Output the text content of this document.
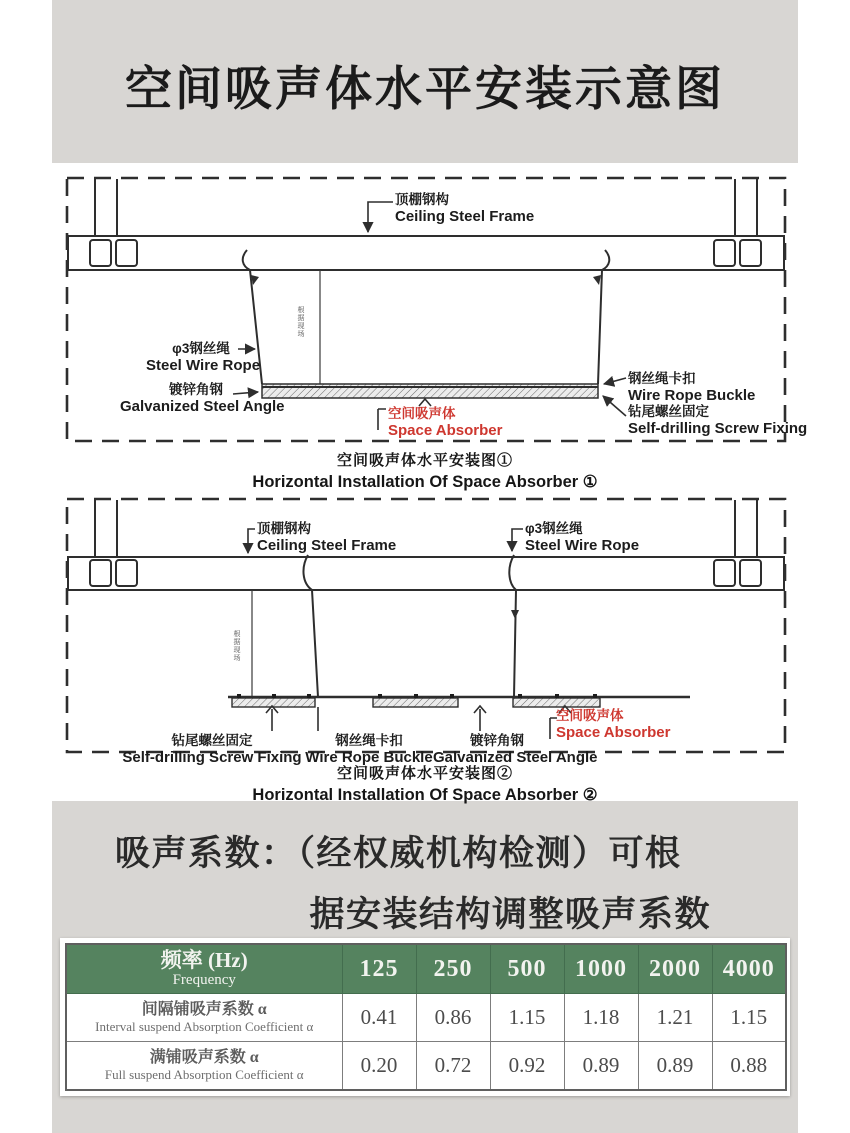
空间吸声体水平安装示意图
顶棚钢构
Ceiling Steel Frame
φ3钢丝绳
Steel Wire Rope
镀锌角钢
Galvanized Steel Angle
钢丝绳卡扣
Wire Rope Buckle
钻尾螺丝固定
Self-drilling Screw Fixing
空间吸声体
Space Absorber
根据现场
空间吸声体水平安装图①
Horizontal Installation Of Space Absorber ①
顶棚钢构
Ceiling Steel Frame
φ3钢丝绳
Steel Wire Rope
钻尾螺丝固定
Self-drilling Screw Fixing
钢丝绳卡扣
Wire Rope Buckle
镀锌角钢
Galvanized Steel Angle
空间吸声体
Space Absorber
根据现场
空间吸声体水平安装图②
Horizontal Installation Of Space Absorber ②
吸声系数：（经权威机构检测）可根
据安装结构调整吸声系数
频率 (Hz)
Frequency	125	250	500	1000	2000	4000

间隔铺吸声系数 α
Interval suspend Absorption Coefficient α	0.41	0.86	1.15	1.18	1.21	1.15

满铺吸声系数 α
Full suspend Absorption Coefficient α	0.20	0.72	0.92	0.89	0.89	0.88
